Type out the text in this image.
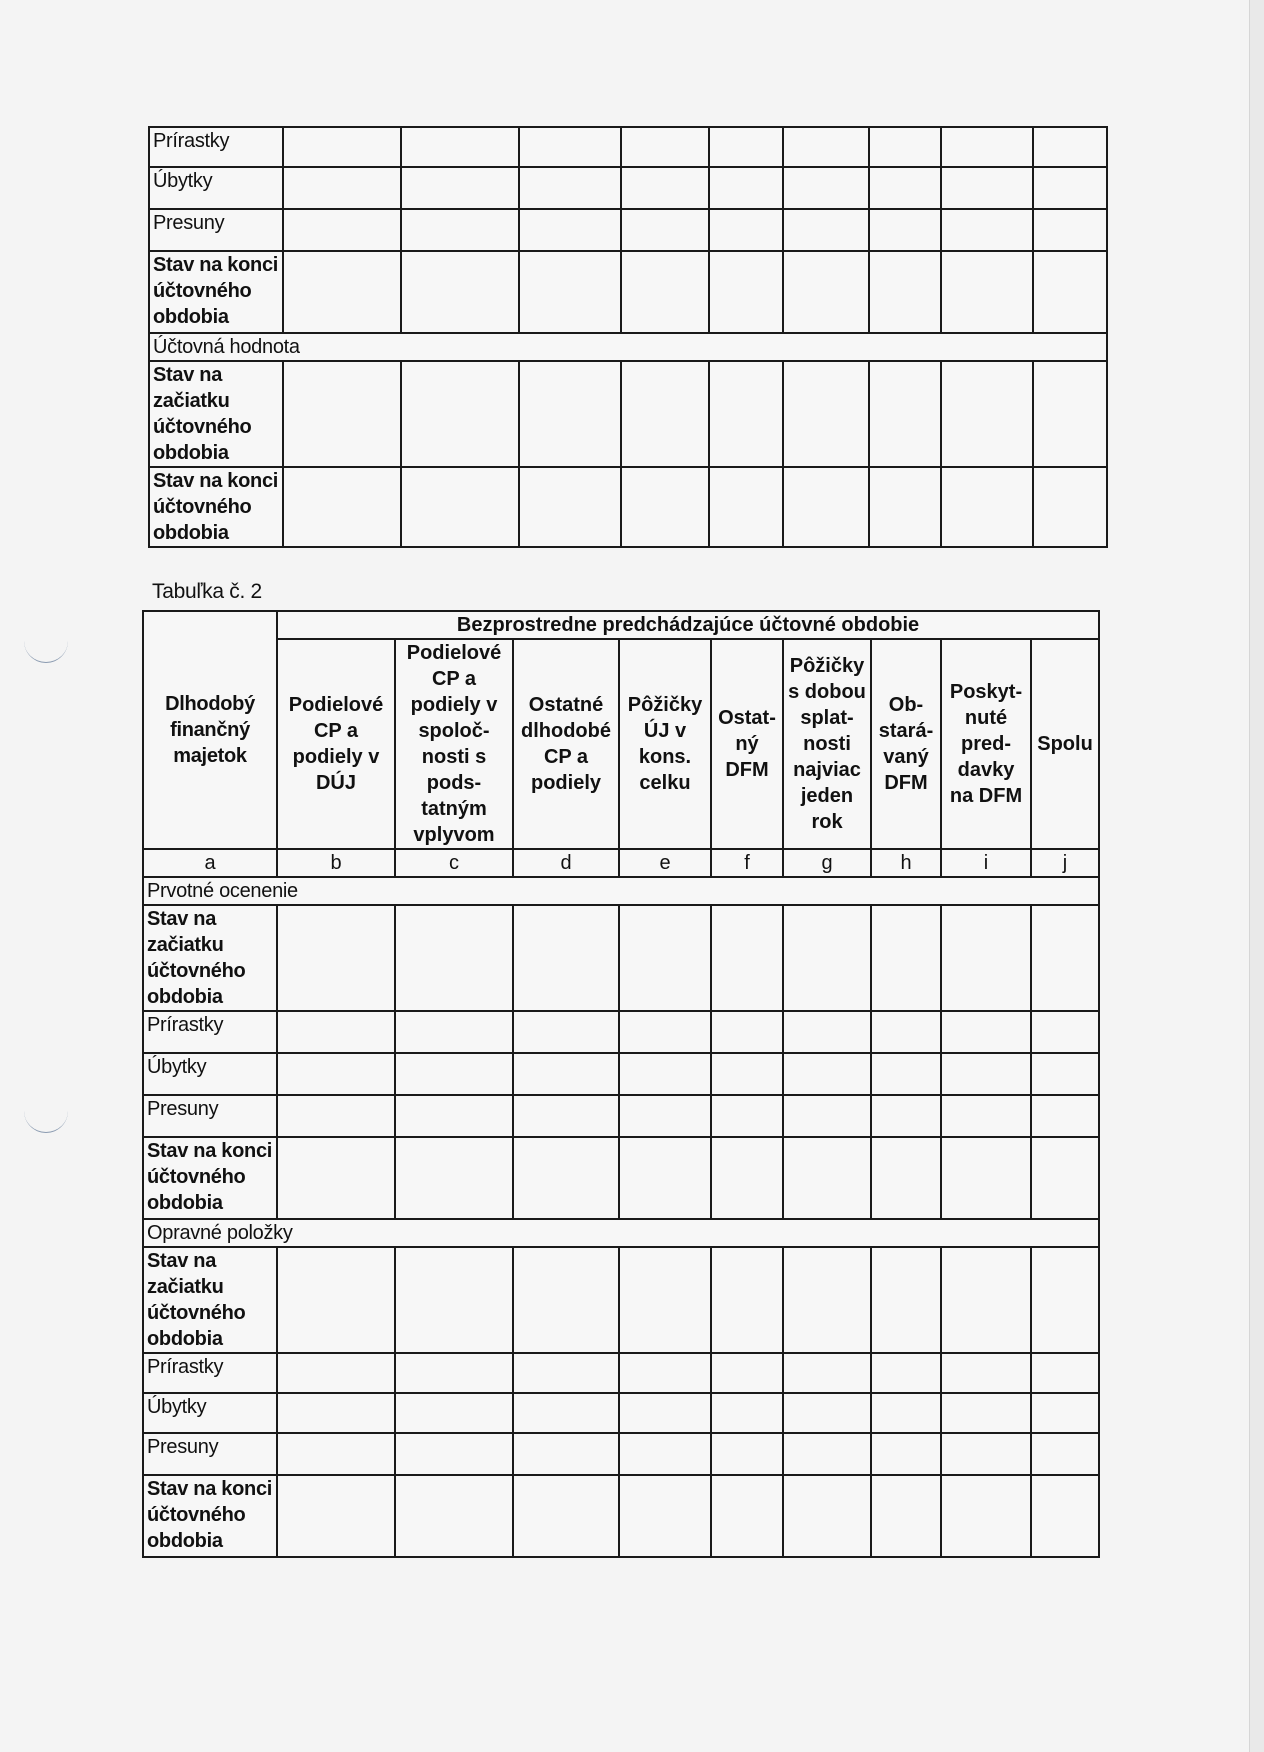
Prírastky									
Úbytky									
Presuny									
Stav na konci účtovného obdobia									
Účtovná hodnota									
Stav na začiatku účtovného obdobia									
Stav na konci účtovného obdobia									
Tabuľka č. 2
Dlhodobý finančný majetok	Bezprostredne predchádzajúce účtovné obdobie								
	Podielové CP a podiely v DÚJ	Podielové CP a podiely v spoloč-nosti s pods-tatným vplyvom	Ostatné dlhodobé CP a podiely	Pôžičky ÚJ v kons. celku	Ostat-ný DFM	Pôžičky s dobou splat-nosti najviac jeden rok	Ob-stará-vaný DFM	Poskyt-nuté pred-davky na DFM	Spolu
a	b	c	d	e	f	g	h	i	j
Prvotné ocenenie									
Stav na začiatku účtovného obdobia									
Prírastky									
Úbytky									
Presuny									
Stav na konci účtovného obdobia									
Opravné položky									
Stav na začiatku účtovného obdobia									
Prírastky									
Úbytky									
Presuny									
Stav na konci účtovného obdobia									
